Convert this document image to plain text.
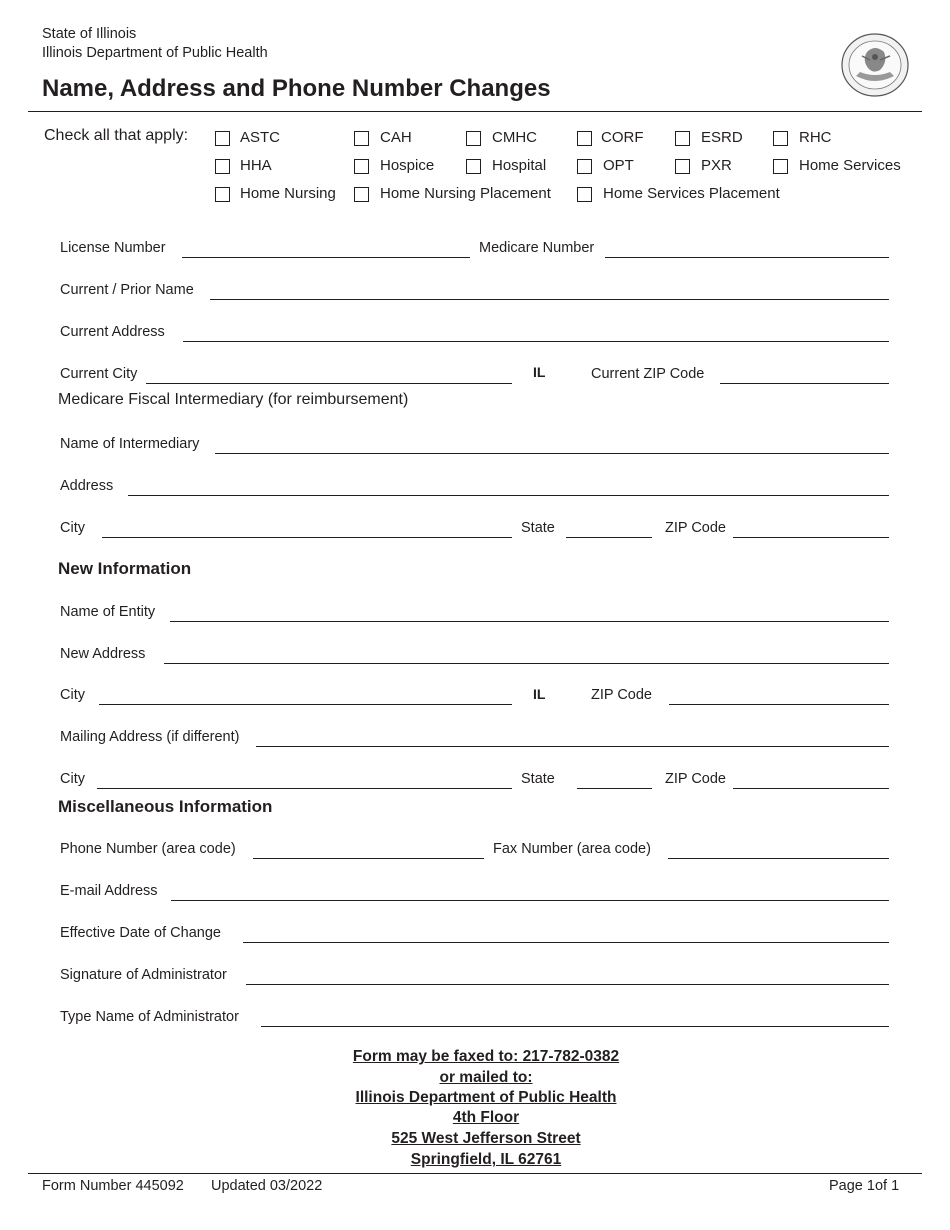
State of Illinois
Illinois Department of Public Health
Name, Address and Phone Number Changes
Check all that apply:	ASTC	CAH	CMHC	CORF	ESRD	RHC
HHA	Hospice	Hospital	OPT	PXR	Home Services
Home Nursing	Home Nursing Placement	Home Services Placement
License Number	Medicare Number
Current / Prior Name
Current Address
Current City	IL	Current ZIP Code
Medicare Fiscal Intermediary (for reimbursement)
Name of Intermediary
Address
City	State	ZIP Code
New Information
Name of Entity
New Address
City	IL	ZIP Code
Mailing Address (if different)
City	State	ZIP Code
Miscellaneous Information
Phone Number (area code)	Fax Number (area code)
E-mail Address
Effective Date of Change
Signature of Administrator
Type Name of Administrator
Form may be faxed to: 217-782-0382
or mailed to:
Illinois Department of Public Health
4th Floor
525 West Jefferson Street
Springfield, IL 62761
Form Number 445092 Updated 03/2022	Page 1of 1
